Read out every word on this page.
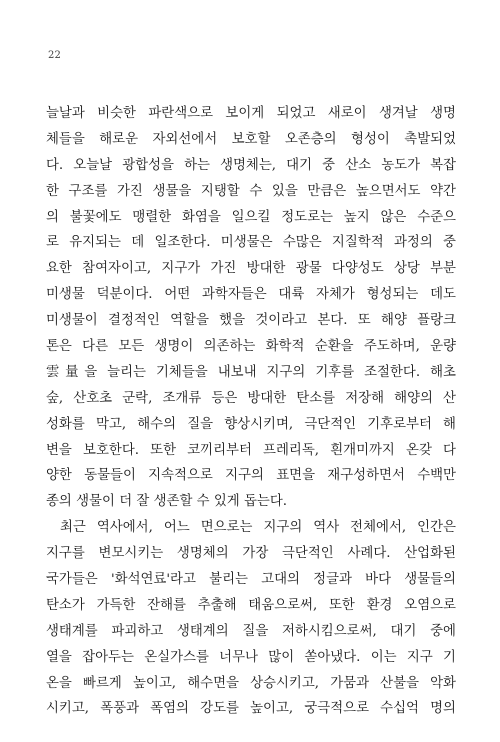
22
늘날과 비슷한 파란색으로 보이게 되었고 새로이 생겨날 생명
체들을 해로운 자외선에서 보호할 오존층의 형성이 촉발되었
다. 오늘날 광합성을 하는 생명체는, 대기 중 산소 농도가 복잡
한 구조를 가진 생물을 지탱할 수 있을 만큼은 높으면서도 약간
의 불꽃에도 맹렬한 화염을 일으킬 정도로는 높지 않은 수준으
로 유지되는 데 일조한다. 미생물은 수많은 지질학적 과정의 중
요한 참여자이고, 지구가 가진 방대한 광물 다양성도 상당 부분
미생물 덕분이다. 어떤 과학자들은 대륙 자체가 형성되는 데도
미생물이 결정적인 역할을 했을 것이라고 본다. 또 해양 플랑크
톤은 다른 모든 생명이 의존하는 화학적 순환을 주도하며, 운량
雲量을 늘리는 기체들을 내보내 지구의 기후를 조절한다. 해초
숲, 산호초 군락, 조개류 등은 방대한 탄소를 저장해 해양의 산
성화를 막고, 해수의 질을 향상시키며, 극단적인 기후로부터 해
변을 보호한다. 또한 코끼리부터 프레리독, 흰개미까지 온갖 다
양한 동물들이 지속적으로 지구의 표면을 재구성하면서 수백만
종의 생물이 더 잘 생존할 수 있게 돕는다.
최근 역사에서, 어느 면으로는 지구의 역사 전체에서, 인간은
지구를 변모시키는 생명체의 가장 극단적인 사례다. 산업화된
국가들은 '화석연료'라고 불리는 고대의 정글과 바다 생물들의
탄소가 가득한 잔해를 추출해 태움으로써, 또한 환경 오염으로
생태계를 파괴하고 생태계의 질을 저하시킴으로써, 대기 중에
열을 잡아두는 온실가스를 너무나 많이 쏟아냈다. 이는 지구 기
온을 빠르게 높이고, 해수면을 상승시키고, 가뭄과 산불을 악화
시키고, 폭풍과 폭염의 강도를 높이고, 궁극적으로 수십억 명의
